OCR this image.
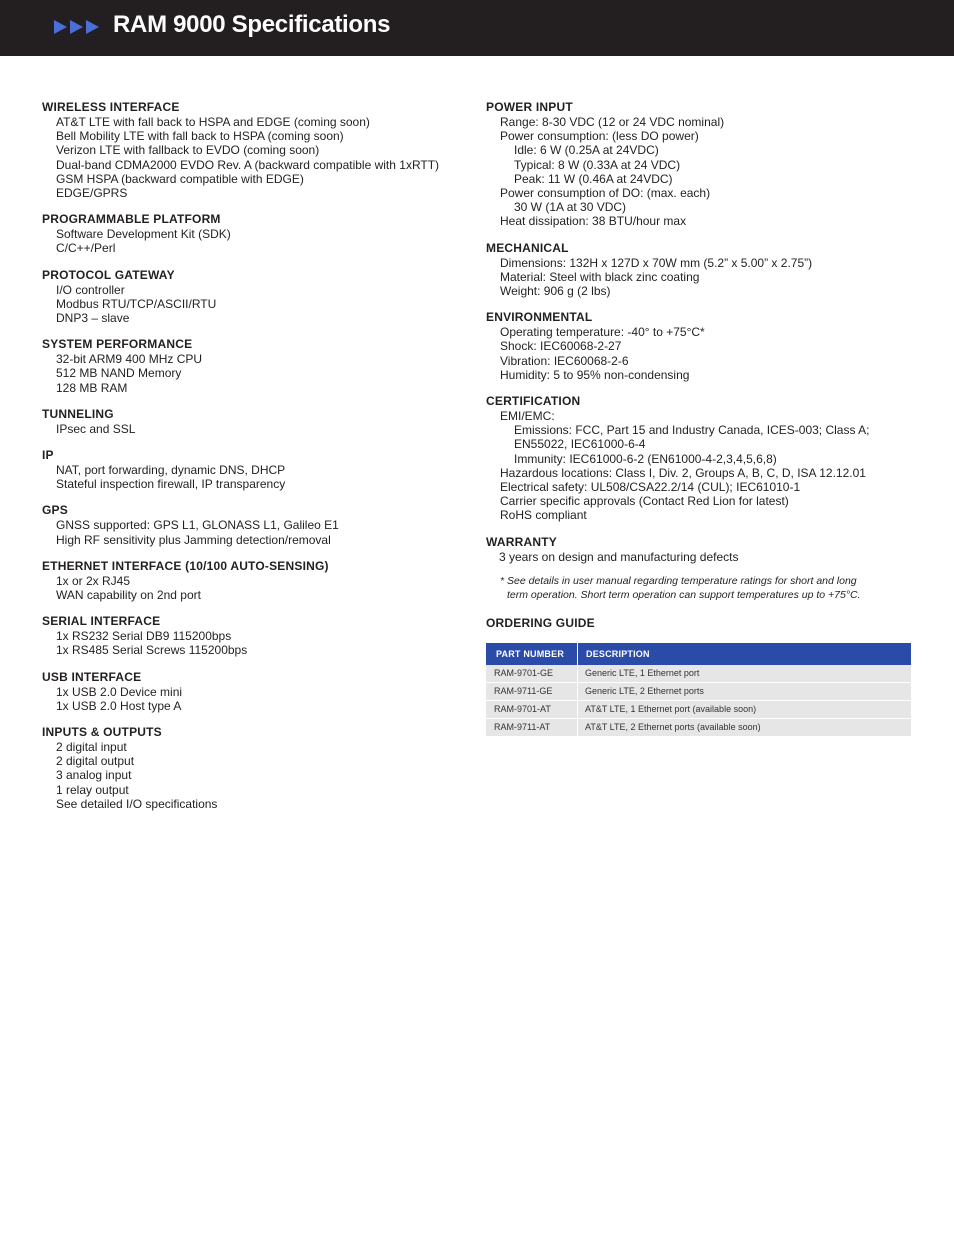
RAM 9000 Specifications
WIRELESS INTERFACE
AT&T LTE with fall back to HSPA and EDGE (coming soon)
Bell Mobility LTE with fall back to HSPA (coming soon)
Verizon LTE with fallback to EVDO (coming soon)
Dual-band CDMA2000 EVDO Rev. A (backward compatible with 1xRTT)
GSM HSPA (backward compatible with EDGE)
EDGE/GPRS
PROGRAMMABLE PLATFORM
Software Development Kit (SDK)
C/C++/Perl
PROTOCOL GATEWAY
I/O controller
Modbus RTU/TCP/ASCII/RTU
DNP3 – slave
SYSTEM PERFORMANCE
32-bit ARM9 400 MHz CPU
512 MB NAND Memory
128 MB RAM
TUNNELING
IPsec and SSL
IP
NAT, port forwarding, dynamic DNS, DHCP
Stateful inspection firewall, IP transparency
GPS
GNSS supported: GPS L1, GLONASS L1, Galileo E1
High RF sensitivity plus Jamming detection/removal
ETHERNET INTERFACE (10/100 AUTO-SENSING)
1x or 2x RJ45
WAN capability on 2nd port
SERIAL INTERFACE
1x RS232 Serial DB9 115200bps
1x RS485 Serial Screws 115200bps
USB INTERFACE
1x USB 2.0 Device mini
1x USB 2.0 Host type A
INPUTS & OUTPUTS
2 digital input
2 digital output
3 analog input
1 relay output
See detailed I/O specifications
POWER INPUT
Range: 8-30 VDC (12 or 24 VDC nominal)
Power consumption: (less DO power)
Idle: 6 W (0.25A at 24VDC)
Typical: 8 W (0.33A at 24 VDC)
Peak: 11 W (0.46A at 24VDC)
Power consumption of DO: (max. each)
30 W (1A at 30 VDC)
Heat dissipation: 38 BTU/hour max
MECHANICAL
Dimensions: 132H x 127D x 70W mm (5.2” x 5.00” x 2.75”)
Material: Steel with black zinc coating
Weight: 906 g (2 lbs)
ENVIRONMENTAL
Operating temperature: -40° to +75°C*
Shock: IEC60068-2-27
Vibration: IEC60068-2-6
Humidity: 5 to 95% non-condensing
CERTIFICATION
EMI/EMC:
Emissions: FCC, Part 15 and Industry Canada, ICES-003; Class A;
EN55022, IEC61000-6-4
Immunity: IEC61000-6-2 (EN61000-4-2,3,4,5,6,8)
Hazardous locations: Class I, Div. 2, Groups A, B, C, D, ISA 12.12.01
Electrical safety: UL508/CSA22.2/14 (CUL); IEC61010-1
Carrier specific approvals (Contact Red Lion for latest)
RoHS compliant
WARRANTY
3 years on design and manufacturing defects
* See details in user manual regarding temperature ratings for short and long
term operation. Short term operation can support temperatures up to +75°C.
ORDERING GUIDE
PART NUMBER	DESCRIPTION
RAM-9701-GE	Generic LTE, 1 Ethernet port
RAM-9711-GE	Generic LTE, 2 Ethernet ports
RAM-9701-AT	AT&T LTE, 1 Ethernet port (available soon)
RAM-9711-AT	AT&T LTE, 2 Ethernet ports (available soon)
